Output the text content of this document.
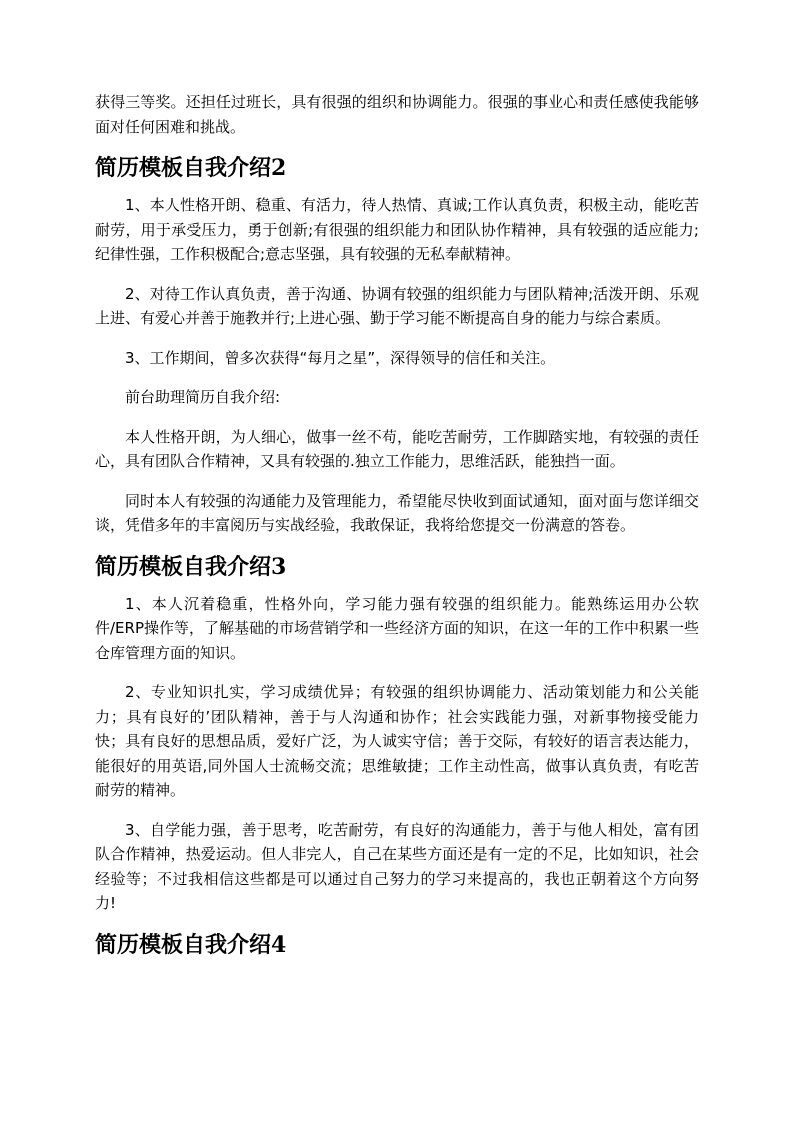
获得三等奖。还担任过班长，具有很强的组织和协调能力。很强的事业心和责任感使我能够面对任何困难和挑战。

简历模板自我介绍2

1、本人性格开朗、稳重、有活力，待人热情、真诚;工作认真负责，积极主动，能吃苦耐劳，用于承受压力，勇于创新;有很强的组织能力和团队协作精神，具有较强的适应能力;纪律性强，工作积极配合;意志坚强，具有较强的无私奉献精神。

2、对待工作认真负责，善于沟通、协调有较强的组织能力与团队精神;活泼开朗、乐观上进、有爱心并善于施教并行;上进心强、勤于学习能不断提高自身的能力与综合素质。

3、工作期间，曾多次获得“每月之星”，深得领导的信任和关注。

前台助理简历自我介绍:

本人性格开朗，为人细心，做事一丝不苟，能吃苦耐劳，工作脚踏实地，有较强的责任心，具有团队合作精神，又具有较强的.独立工作能力，思维活跃，能独挡一面。

同时本人有较强的沟通能力及管理能力，希望能尽快收到面试通知，面对面与您详细交谈，凭借多年的丰富阅历与实战经验，我敢保证，我将给您提交一份满意的答卷。

简历模板自我介绍3

1、本人沉着稳重，性格外向，学习能力强有较强的组织能力。能熟练运用办公软件/ERP操作等，了解基础的市场营销学和一些经济方面的知识，在这一年的工作中积累一些仓库管理方面的知识。

2、专业知识扎实，学习成绩优异；有较强的组织协调能力、活动策划能力和公关能力；具有良好的’团队精神，善于与人沟通和协作；社会实践能力强，对新事物接受能力快；具有良好的思想品质，爱好广泛，为人诚实守信；善于交际，有较好的语言表达能力，能很好的用英语,同外国人士流畅交流；思维敏捷；工作主动性高，做事认真负责，有吃苦耐劳的精神。

3、自学能力强，善于思考，吃苦耐劳，有良好的沟通能力，善于与他人相处，富有团队合作精神，热爱运动。但人非完人，自己在某些方面还是有一定的不足，比如知识，社会经验等；不过我相信这些都是可以通过自己努力的学习来提高的，我也正朝着这个方向努力!

简历模板自我介绍4
